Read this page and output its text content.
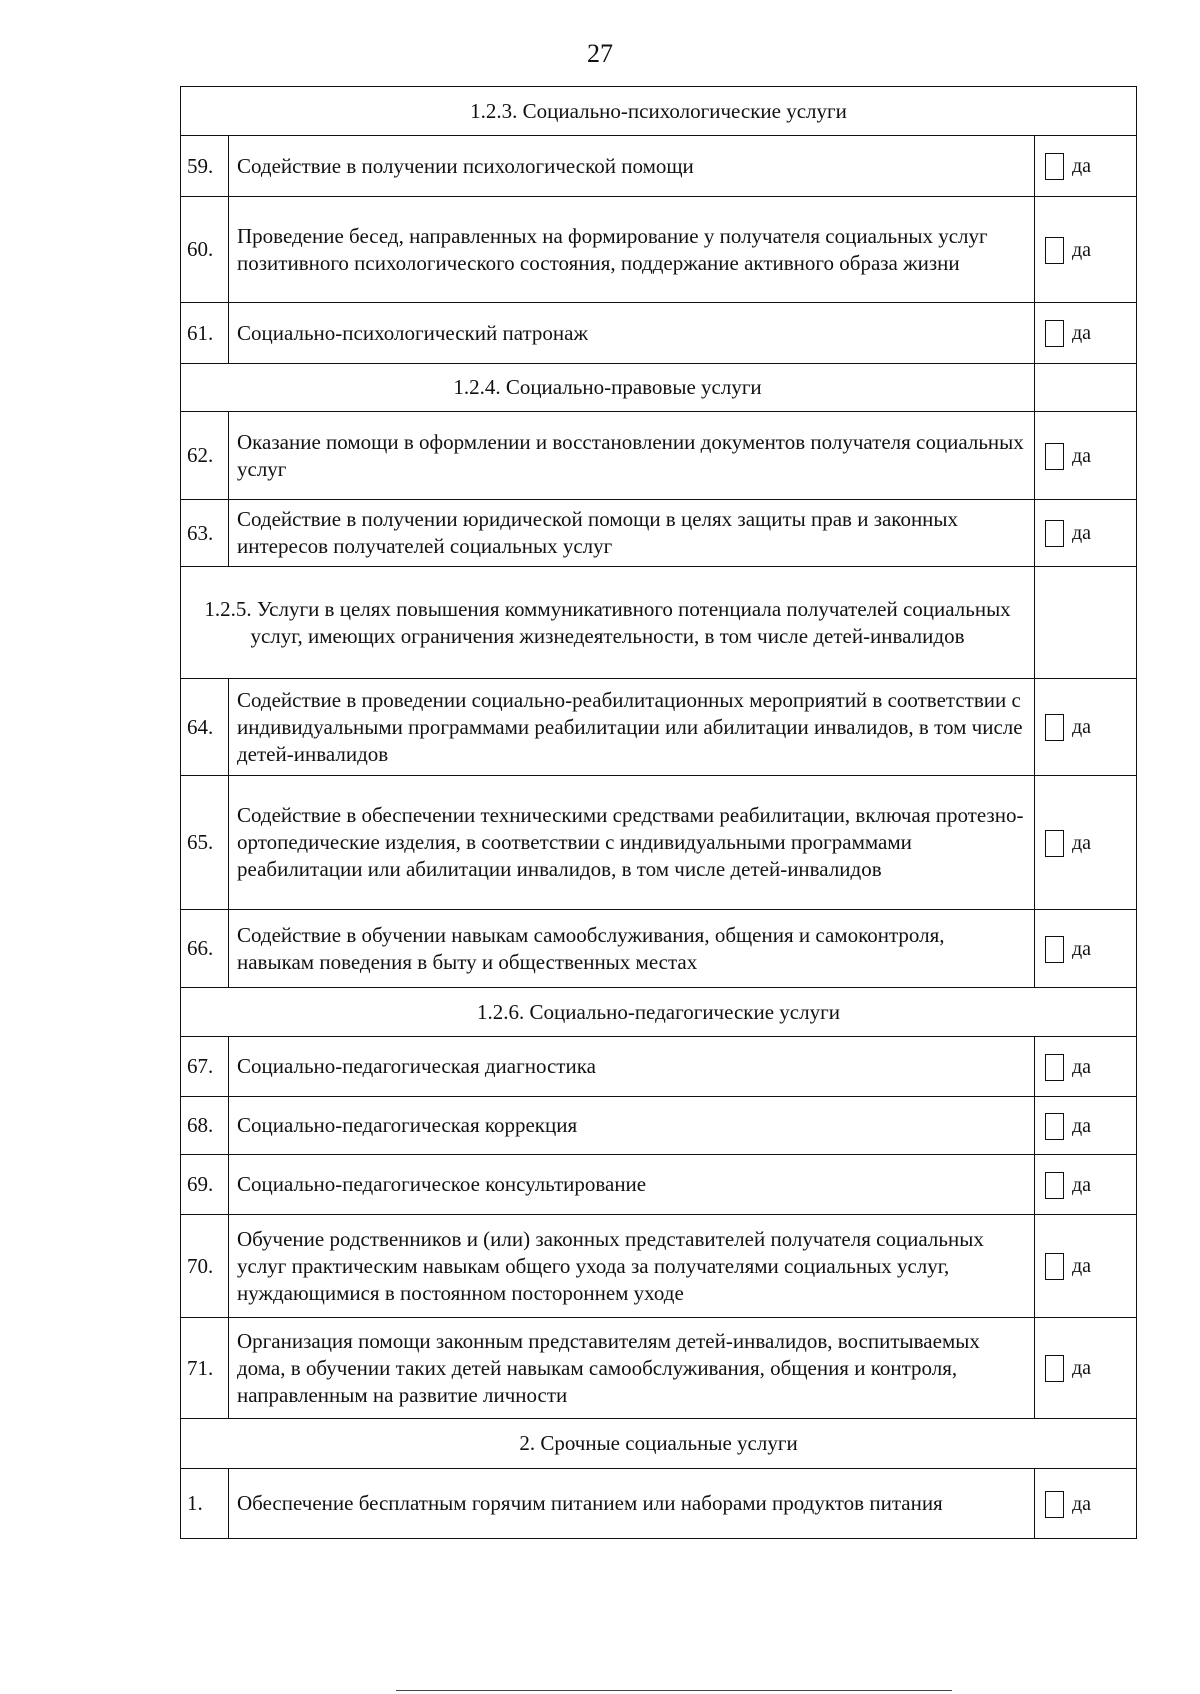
27
1.2.3. Социально-психологические услуги		
59.	Содействие в получении психологической помощи	да
60.	Проведение бесед, направленных на формирование у получателя социальных услуг позитивного психологического состояния, поддержание активного образа жизни	да
61.	Социально-психологический патронаж	да
1.2.4. Социально-правовые услуги		
62.	Оказание помощи в оформлении и восстановлении документов получателя социальных услуг	да
63.	Содействие в получении юридической помощи в целях защиты прав и законных интересов получателей социальных услуг	да
1.2.5. Услуги в целях повышения коммуникативного потенциала получателей социальных услуг, имеющих ограничения жизнедеятельности, в том числе детей-инвалидов		
64.	Содействие в проведении социально-реабилитационных мероприятий в соответствии с индивидуальными программами реабилитации или абилитации инвалидов, в том числе детей-инвалидов	да
65.	Содействие в обеспечении техническими средствами реабилитации, включая протезно-ортопедические изделия, в соответствии с индивидуальными программами реабилитации или абилитации инвалидов, в том числе детей-инвалидов	да
66.	Содействие в обучении навыкам самообслуживания, общения и самоконтроля, навыкам поведения в быту и общественных местах	да
1.2.6. Социально-педагогические услуги		
67.	Социально-педагогическая диагностика	да
68.	Социально-педагогическая коррекция	да
69.	Социально-педагогическое консультирование	да
70.	Обучение родственников и (или) законных представителей получателя социальных услуг практическим навыкам общего ухода за получателями социальных услуг, нуждающимися в постоянном постороннем уходе	да
71.	Организация помощи законным представителям детей-инвалидов, воспитываемых дома, в обучении таких детей навыкам самообслуживания, общения и контроля, направленным на развитие личности	да
2. Срочные социальные услуги		
1.	Обеспечение бесплатным горячим питанием или наборами продуктов питания	да
